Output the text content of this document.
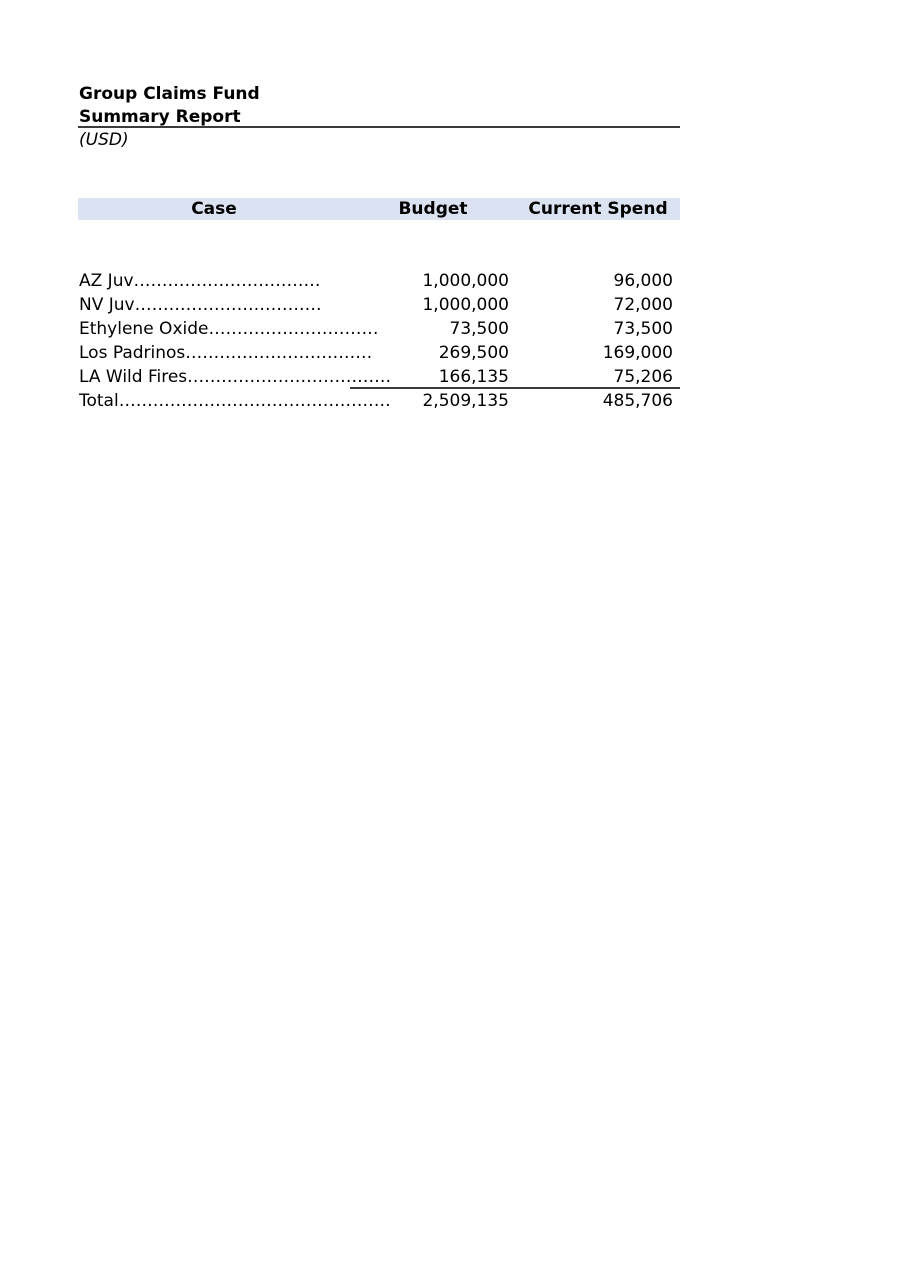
Group Claims Fund
Summary Report
(USD)
Case	Budget	Current Spend
AZ Juv……………………………	1,000,000	96,000
NV Juv……………………………	1,000,000	72,000
Ethylene Oxide…………………………	73,500	73,500
Los Padrinos……………………………	269,500	169,000
LA Wild Fires………………………………	166,135	75,206
Total…………………………………………	2,509,135	485,706
